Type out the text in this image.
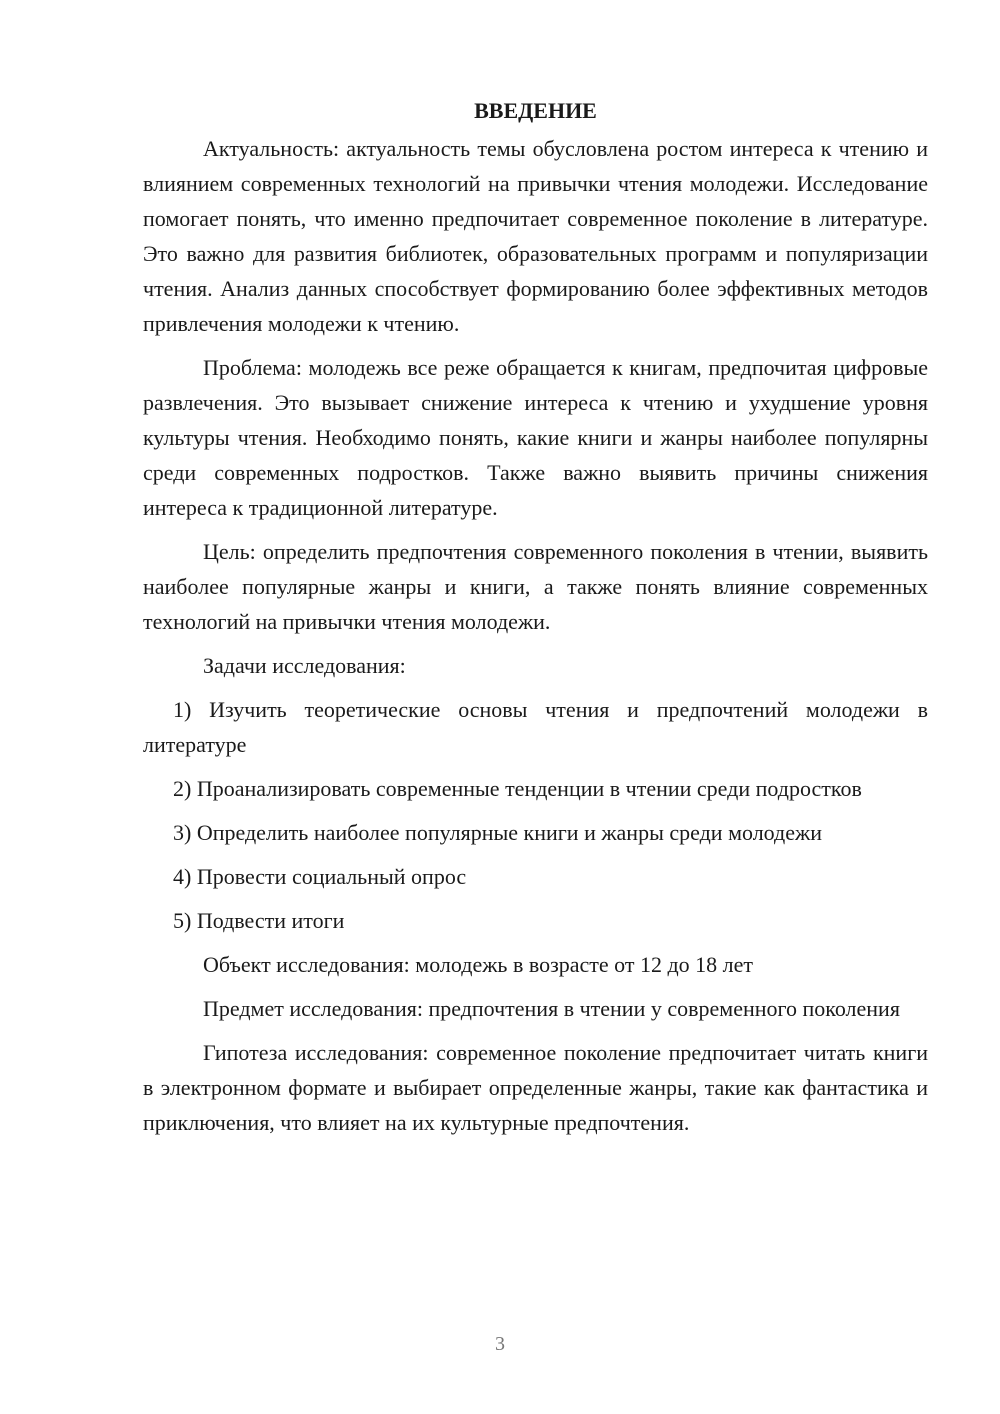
ВВЕДЕНИЕ

Актуальность: актуальность темы обусловлена ростом интереса к чтению и влиянием современных технологий на привычки чтения молодежи. Исследование помогает понять, что именно предпочитает современное поколение в литературе. Это важно для развития библиотек, образовательных программ и популяризации чтения. Анализ данных способствует формированию более эффективных методов привлечения молодежи к чтению.

Проблема: молодежь все реже обращается к книгам, предпочитая цифровые развлечения. Это вызывает снижение интереса к чтению и ухудшение уровня культуры чтения. Необходимо понять, какие книги и жанры наиболее популярны среди современных подростков. Также важно выявить причины снижения интереса к традиционной литературе.

Цель: определить предпочтения современного поколения в чтении, выявить наиболее популярные жанры и книги, а также понять влияние современных технологий на привычки чтения молодежи.

Задачи исследования:

1) Изучить теоретические основы чтения и предпочтений молодежи в литературе

2) Проанализировать современные тенденции в чтении среди подростков

3) Определить наиболее популярные книги и жанры среди молодежи

4) Провести социальный опрос

5) Подвести итоги

Объект исследования: молодежь в возрасте от 12 до 18 лет

Предмет исследования: предпочтения в чтении у современного поколения

Гипотеза исследования: современное поколение предпочитает читать книги в электронном формате и выбирает определенные жанры, такие как фантастика и приключения, что влияет на их культурные предпочтения.

3
